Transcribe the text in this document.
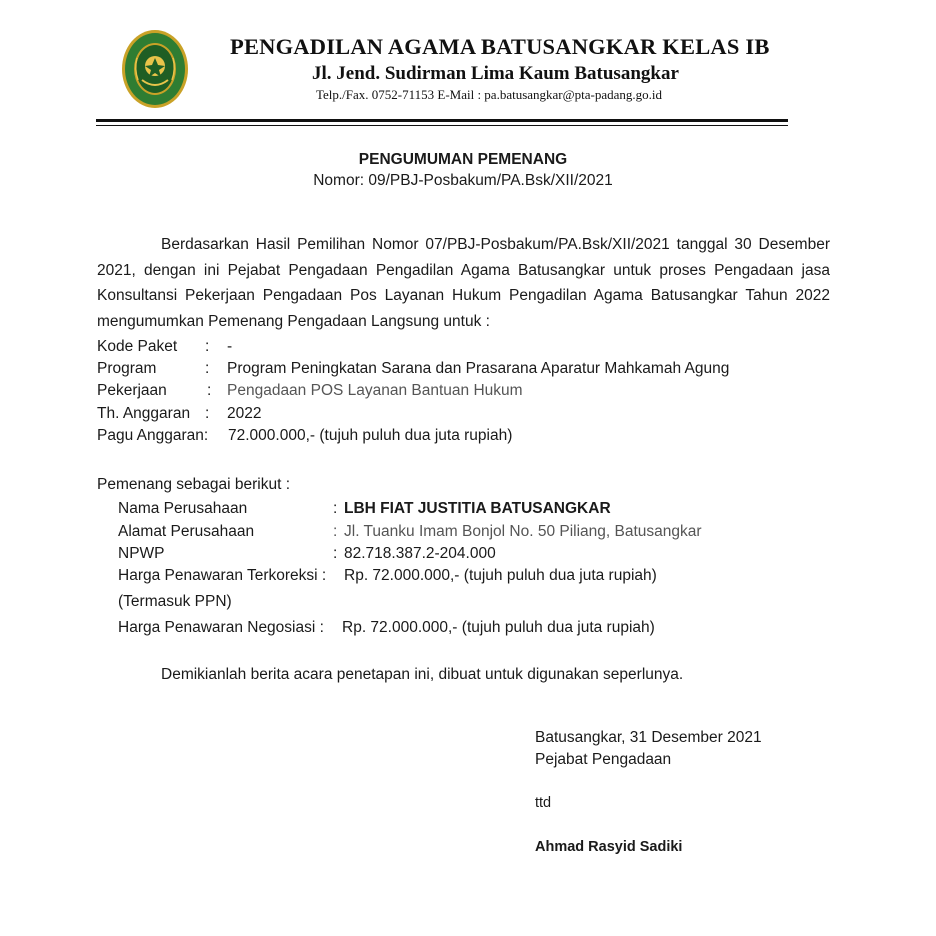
PENGADILAN AGAMA BATUSANGKAR KELAS IB
Jl. Jend. Sudirman Lima Kaum Batusangkar
Telp./Fax. 0752-71153 E-Mail : pa.batusangkar@pta-padang.go.id
PENGUMUMAN PEMENANG
Nomor: 09/PBJ-Posbakum/PA.Bsk/XII/2021

Berdasarkan Hasil Pemilihan Nomor 07/PBJ-Posbakum/PA.Bsk/XII/2021 tanggal 30 Desember 2021, dengan ini Pejabat Pengadaan Pengadilan Agama Batusangkar untuk proses Pengadaan jasa Konsultansi Pekerjaan Pengadaan Pos Layanan Hukum Pengadilan Agama Batusangkar Tahun 2022 mengumumkan Pemenang Pengadaan Langsung untuk :

Kode Paket : -
Program	: Program Peningkatan Sarana dan Prasarana Aparatur Mahkamah Agung
Pekerjaan	: Pengadaan POS Layanan Bantuan Hukum
Th. Anggaran : 2022
Pagu Anggaran: 72.000.000,- (tujuh puluh dua juta rupiah)
Pemenang sebagai berikut :
Nama Perusahaan	: LBH FIAT JUSTITIA BATUSANGKAR
Alamat Perusahaan	: Jl. Tuanku Imam Bonjol No. 50 Piliang, Batusangkar
NPWP	: 82.718.387.2-204.000
Harga Penawaran Terkoreksi : Rp. 72.000.000,- (tujuh puluh dua juta rupiah)
(Termasuk PPN)
Harga Penawaran Negosiasi : Rp. 72.000.000,- (tujuh puluh dua juta rupiah)
Demikianlah berita acara penetapan ini, dibuat untuk digunakan seperlunya.
Batusangkar, 31 Desember 2021
Pejabat Pengadaan
ttd
Ahmad Rasyid Sadiki
